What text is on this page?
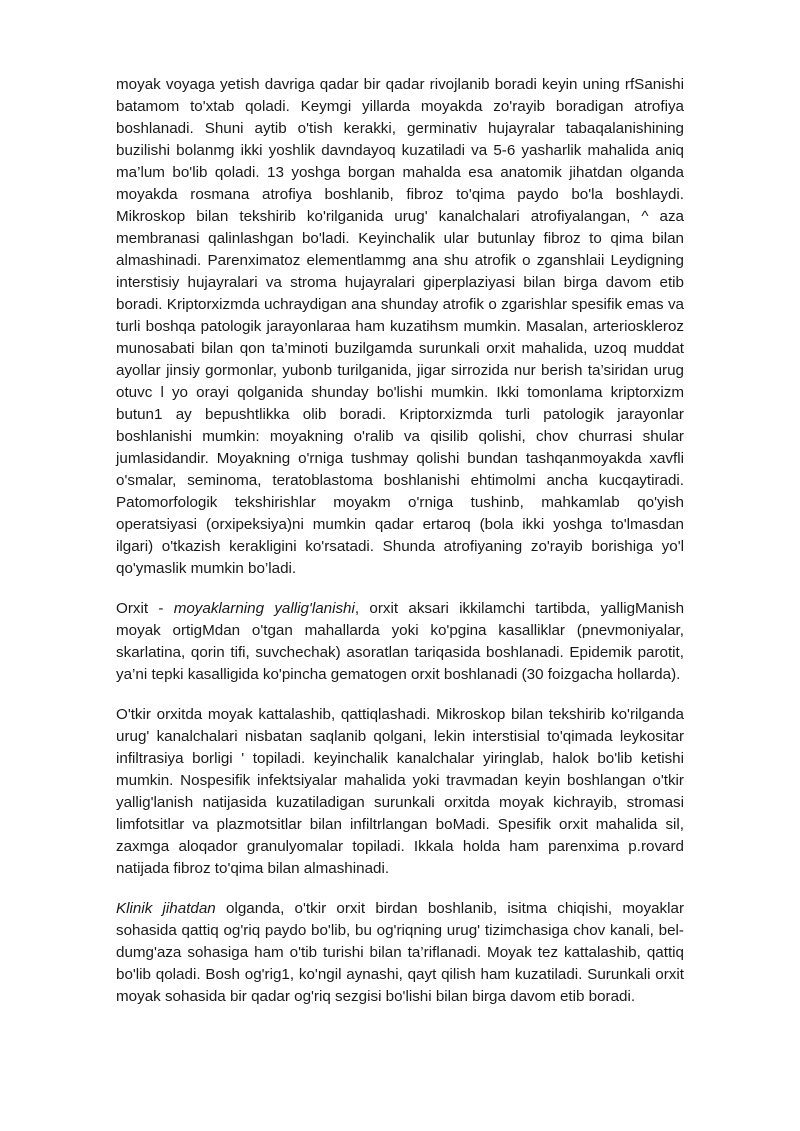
moyak voyaga yetish davriga qadar bir qadar rivojlanib boradi keyin uning rfSanishi batamom to'xtab qoladi. Keymgi yillarda moyakda zo'rayib boradigan atrofiya boshlanadi. Shuni aytib o'tish kerakki, germinativ hujayralar tabaqalanishining buzilishi bolanmg ikki yoshlik davndayoq kuzatiladi va 5-6 yasharlik mahalida aniq ma’lum bo'lib qoladi. 13 yoshga borgan mahalda esa anatomik jihatdan olganda moyakda rosmana atrofiya boshlanib, fibroz to'qima paydo bo'la boshlaydi. Mikroskop bilan tekshirib ko'rilganida urug' kanalchalari atrofiyalangan, ^ aza membranasi qalinlashgan bo'ladi. Keyinchalik ular butunlay fibroz to qima bilan almashinadi. Parenximatoz elementlammg ana shu atrofik o zganshlaii Leydigning interstisiy hujayralari va stroma hujayralari giperplaziyasi bilan birga davom etib boradi. Kriptorxizmda uchraydigan ana shunday atrofik o zgarishlar spesifik emas va turli boshqa patologik jarayonlaraa ham kuzatihsm mumkin. Masalan, arterioskleroz munosabati bilan qon ta’minoti buzilgamda surunkali orxit mahalida, uzoq muddat ayollar jinsiy gormonlar, yubonb turilganida, jigar sirrozida nur berish ta’siridan urug otuvc l yo orayi qolganida shunday bo'lishi mumkin. Ikki tomonlama kriptorxizm butun1 ay bepushtlikka olib boradi. Kriptorxizmda turli patologik jarayonlar boshlanishi mumkin: moyakning o'ralib va qisilib qolishi, chov churrasi shular jumlasidandir. Moyakning o'rniga tushmay qolishi bundan tashqanmoyakda xavfli o'smalar, seminoma, teratoblastoma boshlanishi ehtimolmi ancha kucqaytiradi. Patomorfologik tekshirishlar moyakm o'rniga tushinb, mahkamlab qo'yish operatsiyasi (orxipeksiya)ni mumkin qadar ertaroq (bola ikki yoshga to'lmasdan ilgari) o'tkazish kerakligini ko'rsatadi. Shunda atrofiyaning zo'rayib borishiga yo'l qo'ymaslik mumkin bo’ladi.

Orxit - moyaklarning yallig'lanishi, orxit aksari ikkilamchi tartibda, yalligManish moyak ortigMdan o'tgan mahallarda yoki ko'pgina kasalliklar (pnevmoniyalar, skarlatina, qorin tifi, suvchechak) asoratlan tariqasida boshlanadi. Epidemik parotit, ya’ni tepki kasalligida ko'pincha gematogen orxit boshlanadi (30 foizgacha hollarda).

O'tkir orxitda moyak kattalashib, qattiqlashadi. Mikroskop bilan tekshirib ko'rilganda urug' kanalchalari nisbatan saqlanib qolgani, lekin interstisial to'qimada leykositar infiltrasiya borligi ' topiladi. keyinchalik kanalchalar yiringlab, halok bo'lib ketishi mumkin. Nospesifik infektsiyalar mahalida yoki travmadan keyin boshlangan o'tkir yallig'lanish natijasida kuzatiladigan surunkali orxitda moyak kichrayib, stromasi limfotsitlar va plazmotsitlar bilan infiltrlangan boMadi. Spesifik orxit mahalida sil, zaxmga aloqador granulyomalar topiladi. Ikkala holda ham parenxima p.rovard natijada fibroz to'qima bilan almashinadi.

Klinik jihatdan olganda, o'tkir orxit birdan boshlanib, isitma chiqishi, moyaklar sohasida qattiq og'riq paydo bo'lib, bu og'riqning urug' tizimchasiga chov kanali, bel-dumg'aza sohasiga ham o'tib turishi bilan ta’riflanadi. Moyak tez kattalashib, qattiq bo'lib qoladi. Bosh og'rig1, ko'ngil aynashi, qayt qilish ham kuzatiladi. Surunkali orxit moyak sohasida bir qadar og'riq sezgisi bo'lishi bilan birga davom etib boradi.
